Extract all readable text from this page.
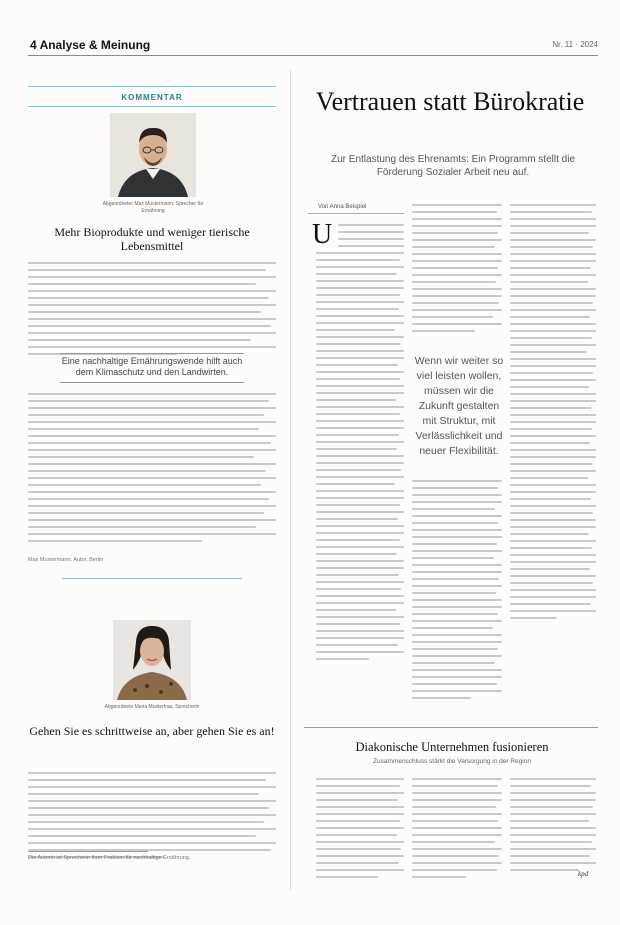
4 Analyse & Meinung	Nr. 11 · 2024
KOMMENTAR
Abgeordneter Max Mustermann, Sprecher für Ernährung
Mehr Bioprodukte und weniger tierische Lebensmittel
Eine nachhaltige Ernährungswende hilft auch dem Klimaschutz und den Landwirten.
Max Mustermann, Autor, Berlin
Abgeordnete Maria Musterfrau, Sprecherin
Gehen Sie es schrittweise an, aber gehen Sie es an!
Die Autorin ist Sprecherin ihrer Fraktion für nachhaltige Ernährung.
Vertrauen statt Bürokratie
Zur Entlastung des Ehrenamts: Ein Programm stellt die Förderung Sozialer Arbeit neu auf.
Von Anna Beispiel
U
Wenn wir weiter so viel leisten wollen, müssen wir die Zukunft gestalten mit Struktur, mit Verlässlichkeit und neuer Flexibilität.
Diakonische Unternehmen fusionieren
Zusammenschluss stärkt die Versorgung in der Region
kpd
